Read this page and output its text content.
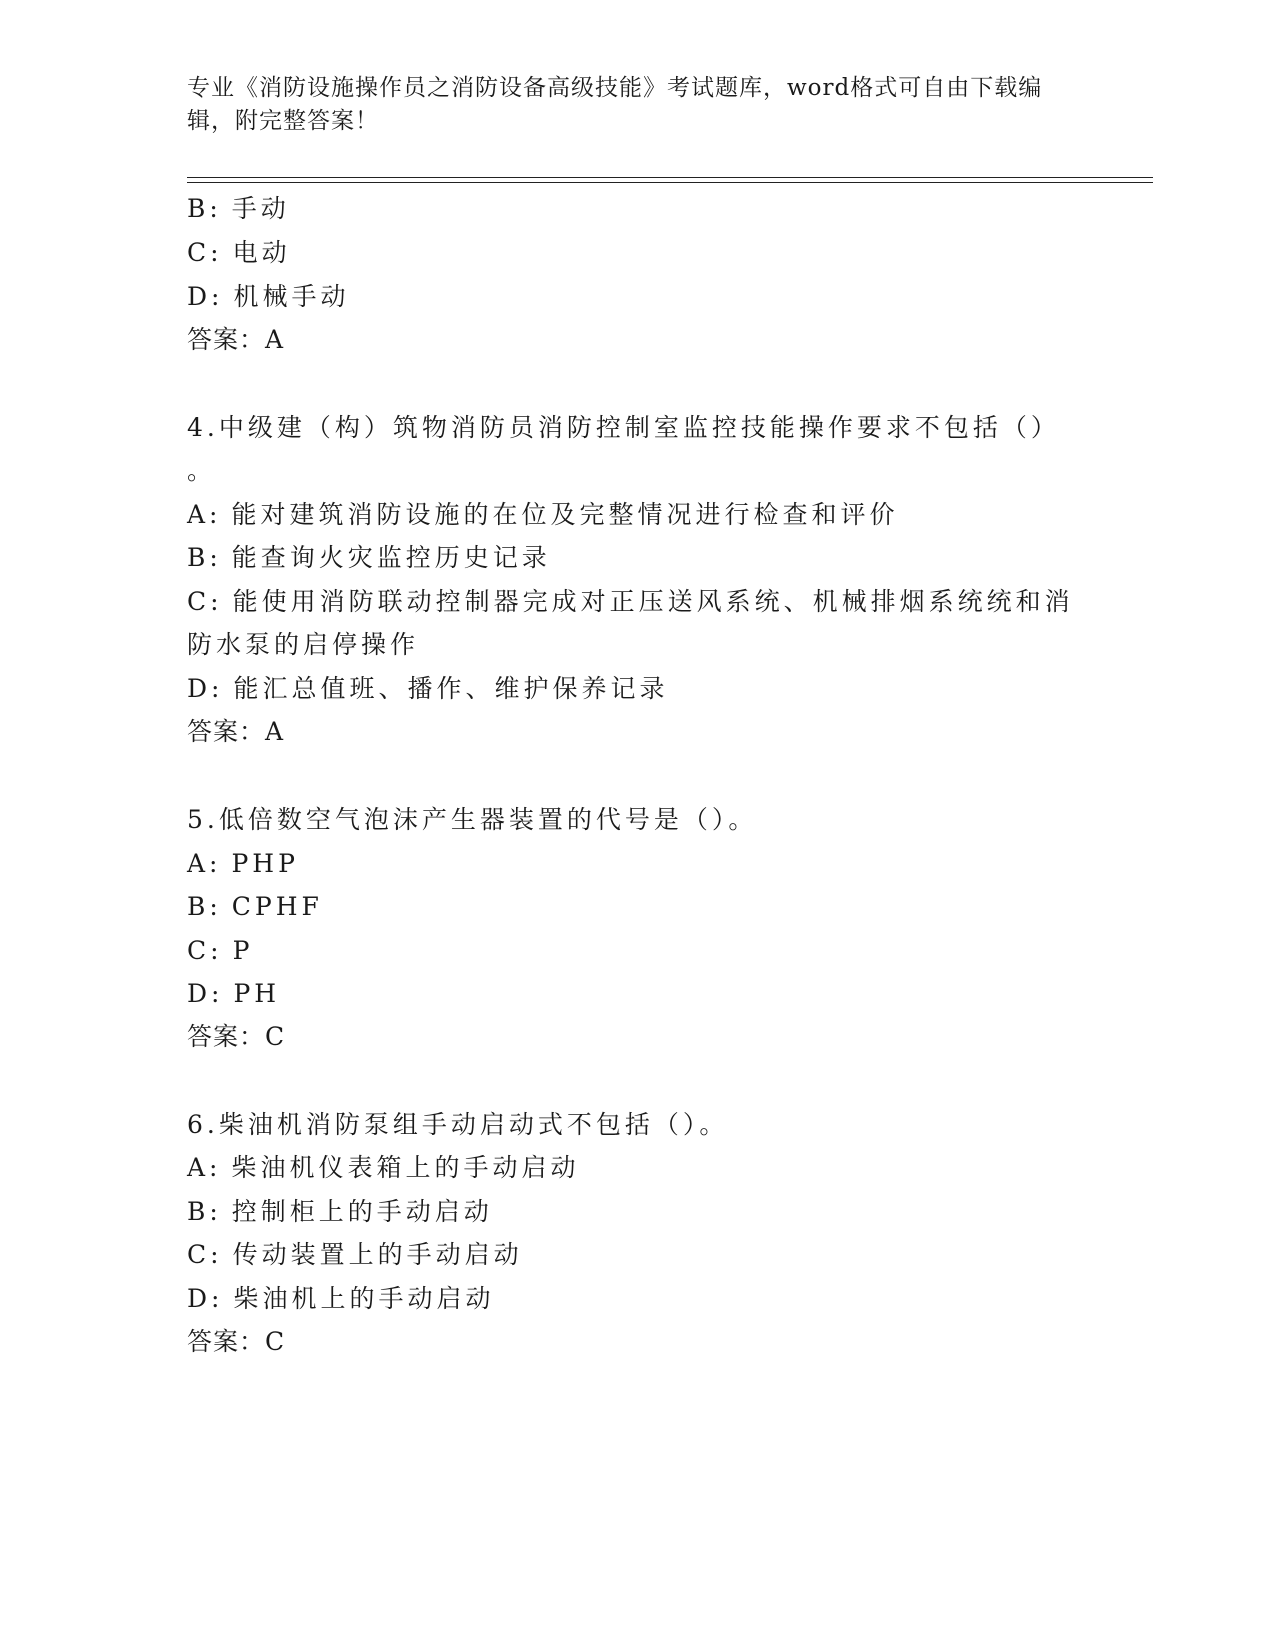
专业《消防设施操作员之消防设备高级技能》考试题库，word格式可自由下载编
辑，附完整答案！
B: 手动
C: 电动
D: 机械手动
答案：A
4.中级建（构）筑物消防员消防控制室监控技能操作要求不包括（）
。
A: 能对建筑消防设施的在位及完整情况进行检查和评价
B: 能查询火灾监控历史记录
C: 能使用消防联动控制器完成对正压送风系统、机械排烟系统统和消
防水泵的启停操作
D: 能汇总值班、播作、维护保养记录
答案：A
5.低倍数空气泡沫产生器装置的代号是（）。
A: PHP
B: CPHF
C: P
D: PH
答案：C
6.柴油机消防泵组手动启动式不包括（）。
A: 柴油机仪表箱上的手动启动
B: 控制柜上的手动启动
C: 传动装置上的手动启动
D: 柴油机上的手动启动
答案：C
